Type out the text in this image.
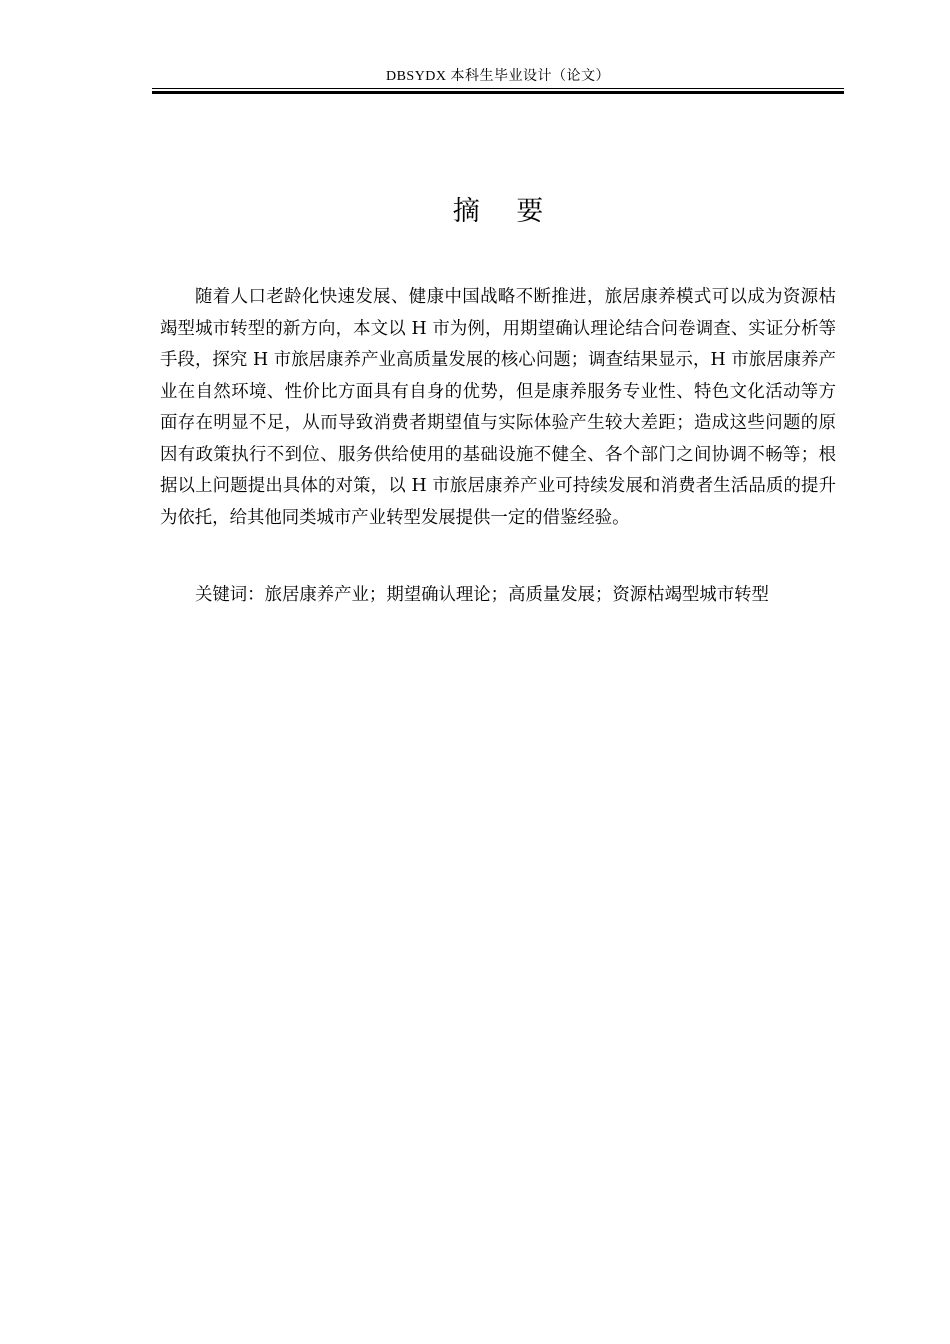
DBSYDX 本科生毕业设计（论文）
摘 要

随着人口老龄化快速发展、健康中国战略不断推进，旅居康养模式可以成为资源枯竭型城市转型的新方向，本文以 H 市为例，用期望确认理论结合问卷调查、实证分析等手段，探究 H 市旅居康养产业高质量发展的核心问题；调查结果显示，H 市旅居康养产业在自然环境、性价比方面具有自身的优势，但是康养服务专业性、特色文化活动等方面存在明显不足，从而导致消费者期望值与实际体验产生较大差距；造成这些问题的原因有政策执行不到位、服务供给使用的基础设施不健全、各个部门之间协调不畅等；根据以上问题提出具体的对策，以 H 市旅居康养产业可持续发展和消费者生活品质的提升为依托，给其他同类城市产业转型发展提供一定的借鉴经验。

关键词：旅居康养产业；期望确认理论；高质量发展；资源枯竭型城市转型
